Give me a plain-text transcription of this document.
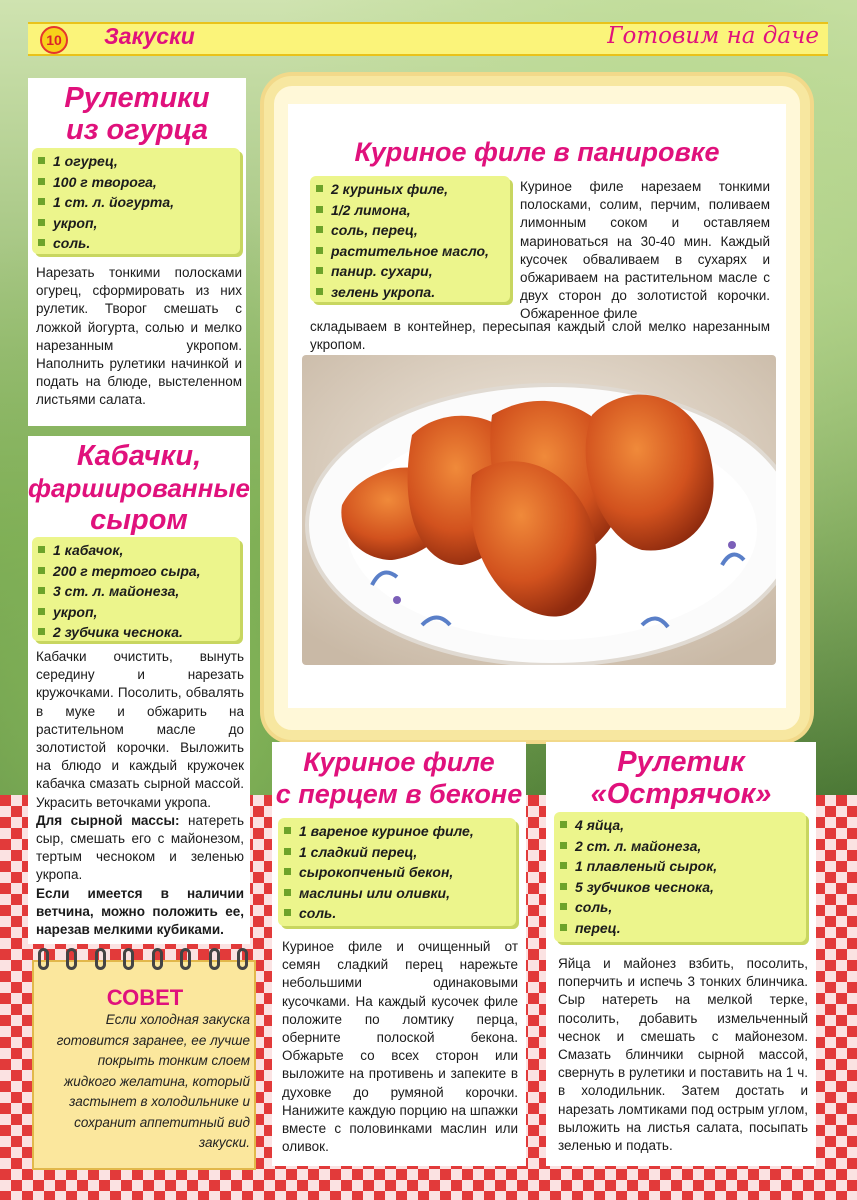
10 Закуски	Готовим на даче
Рулетики
из огурца
1 огурец,
100 г творога,
1 ст. л. йогурта,
укроп,
соль.
Нарезать тонкими полосками огурец, сформировать из них рулетик. Творог смешать с ложкой йогурта, солью и мелко нарезанным укропом. Наполнить рулетики начинкой и подать на блюде, выстеленном листьями салата.
Кабачки,
фаршированные
сыром
1 кабачок,
200 г тертого сыра,
3 ст. л. майонеза,
укроп,
2 зубчика чеснока.
Кабачки очистить, вынуть середину и нарезать кружочками. Посолить, обвалять в муке и обжарить на растительном масле до золотистой корочки. Выложить на блюдо и каждый кружочек кабачка смазать сырной массой. Украсить веточками укропа.
Для сырной массы: натереть сыр, смешать его с майонезом, тертым чесноком и зеленью укропа.
Если имеется в наличии ветчина, можно положить ее, нарезав мелкими кубиками.
Куриное филе в панировке
2 куриных филе,
1/2 лимона,
соль, перец,
растительное масло,
панир. сухари,
зелень укропа.
Куриное филе нарезаем тонкими полосками, солим, перчим, поливаем лимонным соком и оставляем мариноваться на 30-40 мин. Каждый кусочек обваливаем в сухарях и обжариваем на растительном масле с двух сторон до золотистой корочки. Обжаренное филе
складываем в контейнер, пересыпая каждый слой мелко нарезанным укропом.
Куриное филе
с перцем в беконе
1 вареное куриное филе,
1 сладкий перец,
сырокопченый бекон,
маслины или оливки,
соль.
Куриное филе и очищенный от семян сладкий перец нарежьте небольшими одинаковыми кусочками. На каждый кусочек филе положите по ломтику перца, оберните полоской бекона. Обжарьте со всех сторон или выложите на противень и запеките в духовке до румяной корочки. Нанижите каждую порцию на шпажки вместе с половинками маслин или оливок.
Рулетик
«Острячок»
4 яйца,
2 ст. л. майонеза,
1 плавленый сырок,
5 зубчиков чеснока,
соль,
перец.
Яйца и майонез взбить, посолить, поперчить и испечь 3 тонких блинчика. Сыр натереть на мелкой терке, посолить, добавить измельченный чеснок и смешать с майонезом. Смазать блинчики сырной массой, свернуть в рулетики и поставить на 1 ч. в холодильник. Затем достать и нарезать ломтиками под острым углом, выложить на листья салата, посыпать зеленью и подать.
СОВЕТ
Если холодная закуска готовится заранее, ее лучше покрыть тонким слоем жидкого желатина, который застынет в холодильнике и сохранит аппетитный вид закуски.
